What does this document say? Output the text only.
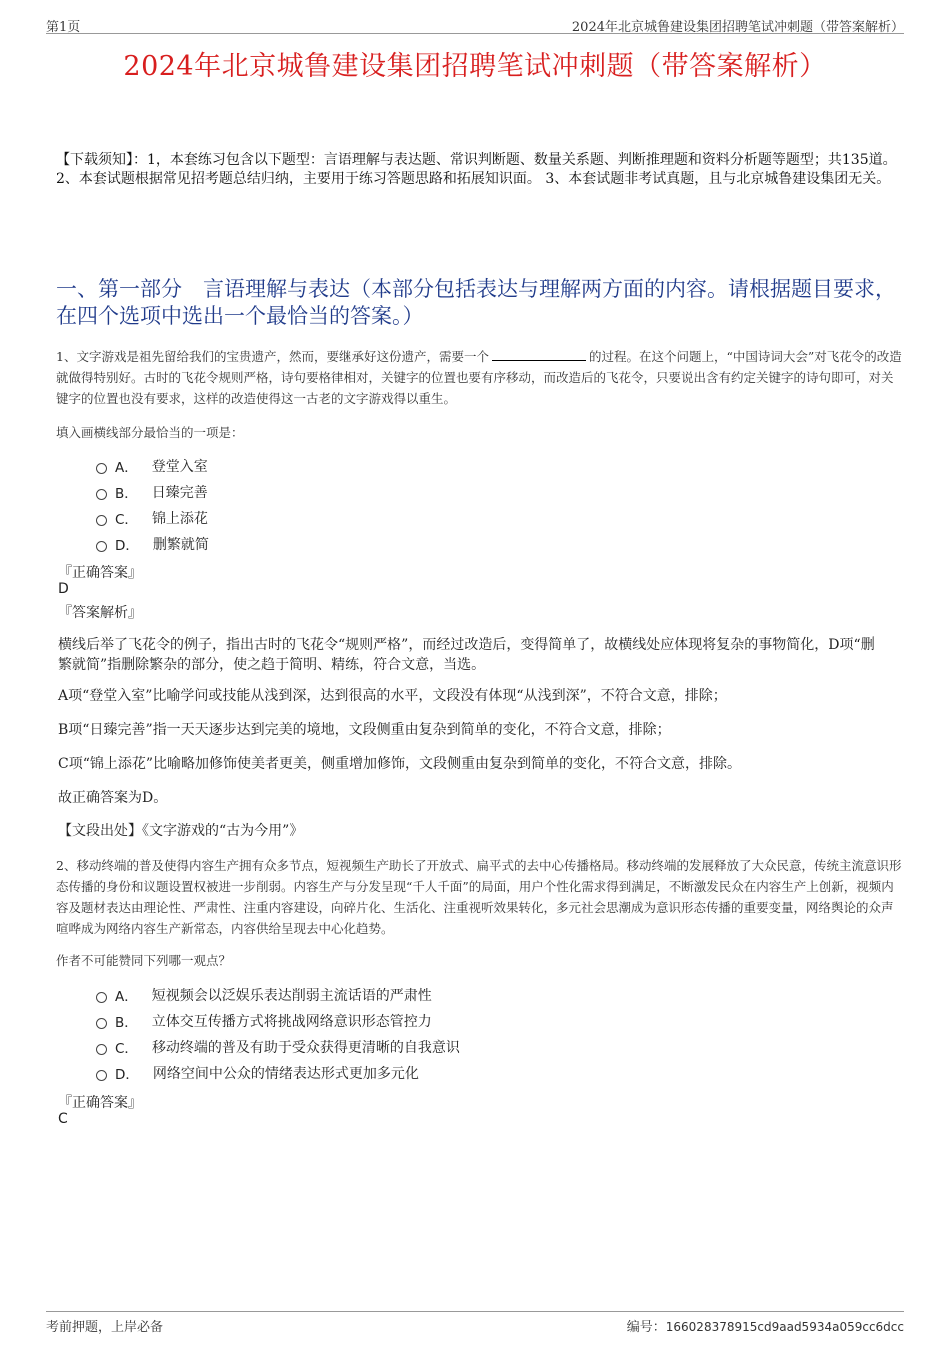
第1页	2024年北京城鲁建设集团招聘笔试冲刺题（带答案解析）
2024年北京城鲁建设集团招聘笔试冲刺题（带答案解析）
【下载须知】：1，本套练习包含以下题型：言语理解与表达题、常识判断题、数量关系题、判断推理题和资料分析题等题型；共135道。 2、本套试题根据常见招考题总结归纳，主要用于练习答题思路和拓展知识面。 3、本套试题非考试真题，且与北京城鲁建设集团无关。
一、第一部分　言语理解与表达（本部分包括表达与理解两方面的内容。请根据题目要求，在四个选项中选出一个最恰当的答案。）
1、文字游戏是祖先留给我们的宝贵遗产，然而，要继承好这份遗产，需要一个	的过程。在这个问题上，“中国诗词大会”对飞花令的改造就做得特别好。古时的飞花令规则严格，诗句要格律相对，关键字的位置也要有序移动，而改造后的飞花令，只要说出含有约定关键字的诗句即可，对关键字的位置也没有要求，这样的改造使得这一古老的文字游戏得以重生。
填入画横线部分最恰当的一项是：
A． 登堂入室
B． 日臻完善
C． 锦上添花
D． 删繁就简
『正确答案』
D
『答案解析』
横线后举了飞花令的例子，指出古时的飞花令“规则严格”，而经过改造后，变得简单了，故横线处应体现将复杂的事物简化，D项“删繁就简”指删除繁杂的部分，使之趋于简明、精练，符合文意，当选。
A项“登堂入室”比喻学问或技能从浅到深，达到很高的水平，文段没有体现“从浅到深”，不符合文意，排除；
B项“日臻完善”指一天天逐步达到完美的境地，文段侧重由复杂到简单的变化，不符合文意，排除；
C项“锦上添花”比喻略加修饰使美者更美，侧重增加修饰，文段侧重由复杂到简单的变化，不符合文意，排除。
故正确答案为D。
【文段出处】《文字游戏的“古为今用”》
2、移动终端的普及使得内容生产拥有众多节点，短视频生产助长了开放式、扁平式的去中心传播格局。移动终端的发展释放了大众民意，传统主流意识形态传播的身份和议题设置权被进一步削弱。内容生产与分发呈现“千人千面”的局面，用户个性化需求得到满足，不断激发民众在内容生产上创新，视频内容及题材表达由理论性、严肃性、注重内容建设，向碎片化、生活化、注重视听效果转化，多元社会思潮成为意识形态传播的重要变量，网络舆论的众声喧哗成为网络内容生产新常态，内容供给呈现去中心化趋势。
作者不可能赞同下列哪一观点？
A． 短视频会以泛娱乐表达削弱主流话语的严肃性
B． 立体交互传播方式将挑战网络意识形态管控力
C． 移动终端的普及有助于受众获得更清晰的自我意识
D． 网络空间中公众的情绪表达形式更加多元化
『正确答案』
C
考前押题，上岸必备	编号：166028378915cd9aad5934a059cc6dcc
